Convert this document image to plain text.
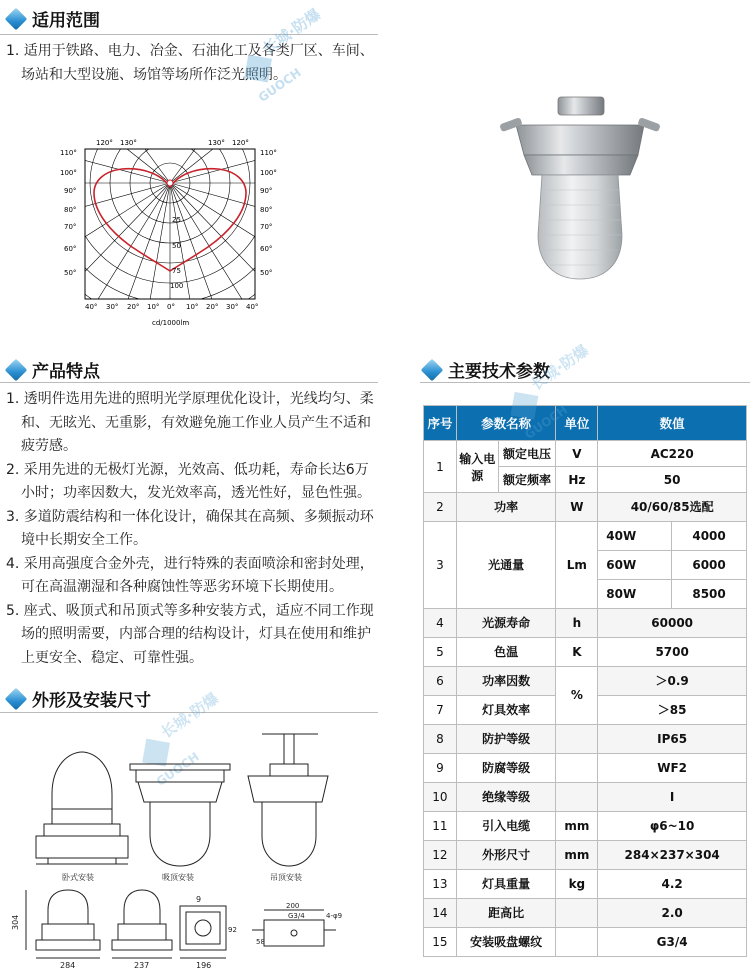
适用范围
1. 适用于铁路、电力、冶金、石油化工及各类厂区、车间、
场站和大型设施、场馆等场所作泛光照明。
长城·防爆
GUOCH
25
50
75
100
120° 130°	130° 120°
110°
100°
90°
80°
70°
60°
50°
110°
100°
90°
80°
70°
60°
50°
40° 30° 20° 10° 0° 10° 20° 30° 40°
cd/1000lm
产品特点
1. 透明件选用先进的照明光学原理优化设计，光线均匀、柔
和、无眩光、无重影，有效避免施工作业人员产生不适和
疲劳感。
2. 采用先进的无极灯光源，光效高、低功耗，寿命长达6万
小时；功率因数大，发光效率高，透光性好，显色性强。
3. 多道防震结构和一体化设计，确保其在高频、多频振动环
境中长期安全工作。
4. 采用高强度合金外壳，进行特殊的表面喷涂和密封处理，
可在高温潮湿和各种腐蚀性等恶劣环境下长期使用。
5. 座式、吸顶式和吊顶式等多种安装方式，适应不同工作现
场的照明需要，内部合理的结构设计，灯具在使用和维护
上更安全、稳定、可靠性强。
外形及安装尺寸 长城·防爆
GUOCH
卧式安装	吸顶安装	吊顶安装
304
284	237	196
9
92
200
G3/4	4-φ9
58
主要技术参数
序号	参数名称		单位	数值	
1	输入电源	额定电压	V	AC220	
		额定频率	Hz	50	
2	功率		W	40/60/85选配	
3	光通量		Lm	40W	4000
				60W	6000
				80W	8500
4	光源寿命		h	60000	
5	色温		K	5700	
6	功率因数		%	＞0.9	
7	灯具效率			＞85	
8	防护等级			IP65	
9	防腐等级			WF2	
10	绝缘等级			Ⅰ	
11	引入电缆		mm	φ6~10	
12	外形尺寸		mm	284×237×304	
13	灯具重量		kg	4.2	
14	距高比			2.0	
15	安装吸盘螺纹			G3/4	
长城·防爆
GUOCH
